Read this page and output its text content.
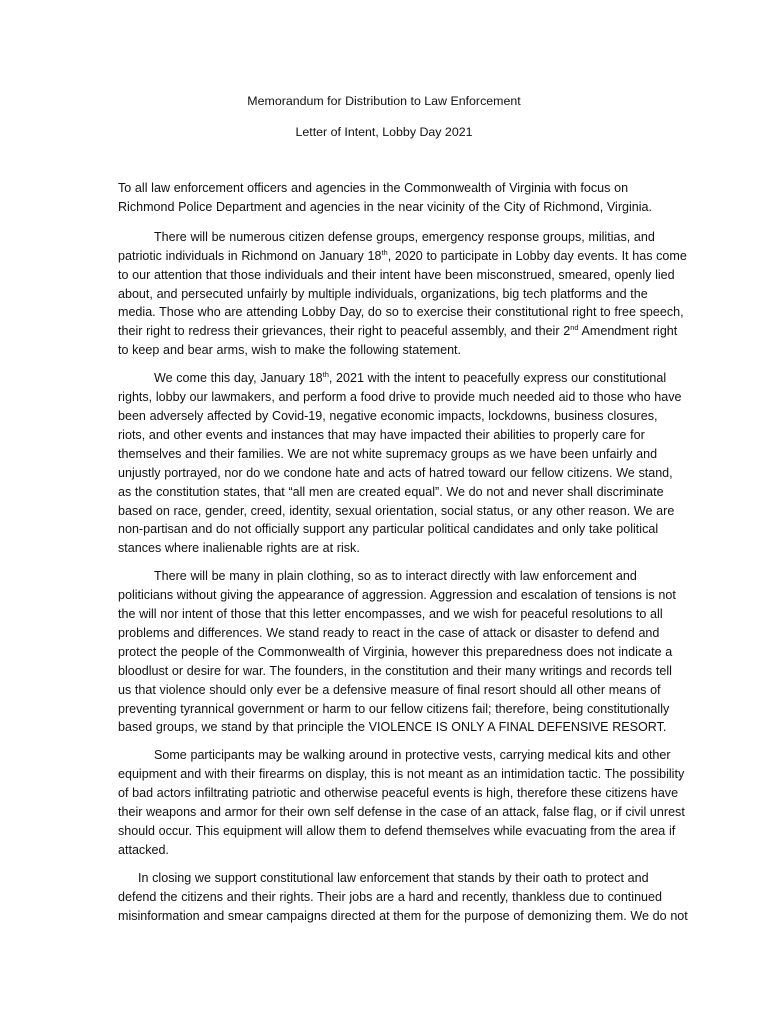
Memorandum for Distribution to Law Enforcement

Letter of Intent, Lobby Day 2021

To all law enforcement officers and agencies in the Commonwealth of Virginia with focus on Richmond Police Department and agencies in the near vicinity of the City of Richmond, Virginia.

There will be numerous citizen defense groups, emergency response groups, militias, and patriotic individuals in Richmond on January 18th, 2020 to participate in Lobby day events. It has come to our attention that those individuals and their intent have been misconstrued, smeared, openly lied about, and persecuted unfairly by multiple individuals, organizations, big tech platforms and the media. Those who are attending Lobby Day, do so to exercise their constitutional right to free speech, their right to redress their grievances, their right to peaceful assembly, and their 2nd Amendment right to keep and bear arms, wish to make the following statement.

We come this day, January 18th, 2021 with the intent to peacefully express our constitutional rights, lobby our lawmakers, and perform a food drive to provide much needed aid to those who have been adversely affected by Covid-19, negative economic impacts, lockdowns, business closures, riots, and other events and instances that may have impacted their abilities to properly care for themselves and their families. We are not white supremacy groups as we have been unfairly and unjustly portrayed, nor do we condone hate and acts of hatred toward our fellow citizens. We stand, as the constitution states, that “all men are created equal”. We do not and never shall discriminate based on race, gender, creed, identity, sexual orientation, social status, or any other reason. We are non-partisan and do not officially support any particular political candidates and only take political stances where inalienable rights are at risk.

There will be many in plain clothing, so as to interact directly with law enforcement and politicians without giving the appearance of aggression. Aggression and escalation of tensions is not the will nor intent of those that this letter encompasses, and we wish for peaceful resolutions to all problems and differences. We stand ready to react in the case of attack or disaster to defend and protect the people of the Commonwealth of Virginia, however this preparedness does not indicate a bloodlust or desire for war. The founders, in the constitution and their many writings and records tell us that violence should only ever be a defensive measure of final resort should all other means of preventing tyrannical government or harm to our fellow citizens fail; therefore, being constitutionally based groups, we stand by that principle the VIOLENCE IS ONLY A FINAL DEFENSIVE RESORT.

Some participants may be walking around in protective vests, carrying medical kits and other equipment and with their firearms on display, this is not meant as an intimidation tactic. The possibility of bad actors infiltrating patriotic and otherwise peaceful events is high, therefore these citizens have their weapons and armor for their own self defense in the case of an attack, false flag, or if civil unrest should occur. This equipment will allow them to defend themselves while evacuating from the area if attacked.

In closing we support constitutional law enforcement that stands by their oath to protect and defend the citizens and their rights. Their jobs are a hard and recently, thankless due to continued misinformation and smear campaigns directed at them for the purpose of demonizing them. We do not
